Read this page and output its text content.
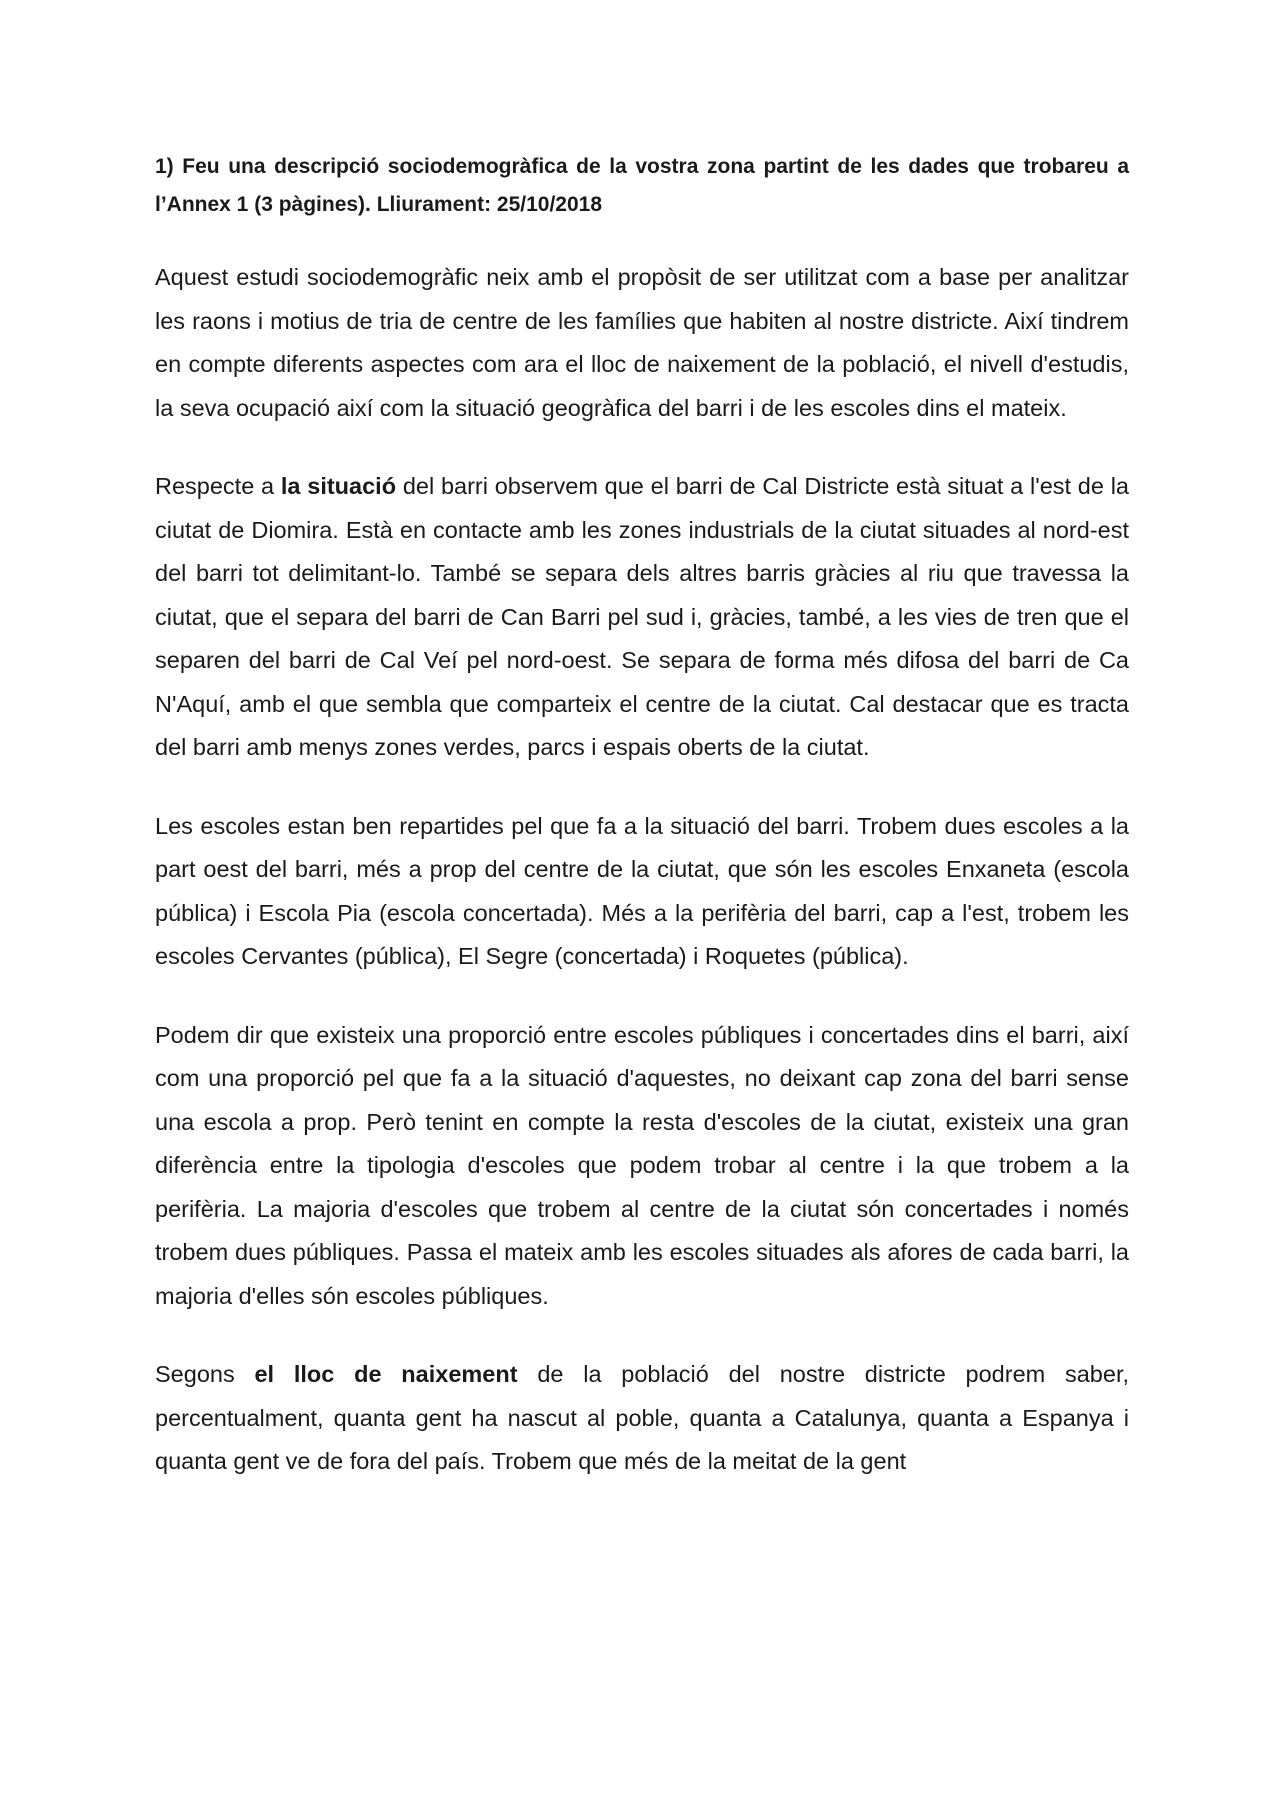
1) Feu una descripció sociodemogràfica de la vostra zona partint de les dades que trobareu a l’Annex 1 (3 pàgines). Lliurament: 25/10/2018

Aquest estudi sociodemogràfic neix amb el propòsit de ser utilitzat com a base per analitzar les raons i motius de tria de centre de les famílies que habiten al nostre districte. Així tindrem en compte diferents aspectes com ara el lloc de naixement de la població, el nivell d'estudis, la seva ocupació així com la situació geogràfica del barri i de les escoles dins el mateix.

Respecte a la situació del barri observem que el barri de Cal Districte està situat a l'est de la ciutat de Diomira. Està en contacte amb les zones industrials de la ciutat situades al nord-est del barri tot delimitant-lo. També se separa dels altres barris gràcies al riu que travessa la ciutat, que el separa del barri de Can Barri pel sud i, gràcies, també, a les vies de tren que el separen del barri de Cal Veí pel nord-oest. Se separa de forma més difosa del barri de Ca N'Aquí, amb el que sembla que comparteix el centre de la ciutat. Cal destacar que es tracta del barri amb menys zones verdes, parcs i espais oberts de la ciutat.

Les escoles estan ben repartides pel que fa a la situació del barri. Trobem dues escoles a la part oest del barri, més a prop del centre de la ciutat, que són les escoles Enxaneta (escola pública) i Escola Pia (escola concertada). Més a la perifèria del barri, cap a l'est, trobem les escoles Cervantes (pública), El Segre (concertada) i Roquetes (pública).

Podem dir que existeix una proporció entre escoles públiques i concertades dins el barri, així com una proporció pel que fa a la situació d'aquestes, no deixant cap zona del barri sense una escola a prop. Però tenint en compte la resta d'escoles de la ciutat, existeix una gran diferència entre la tipologia d'escoles que podem trobar al centre i la que trobem a la perifèria. La majoria d'escoles que trobem al centre de la ciutat són concertades i només trobem dues públiques. Passa el mateix amb les escoles situades als afores de cada barri, la majoria d'elles són escoles públiques.

Segons el lloc de naixement de la població del nostre districte podrem saber, percentualment, quanta gent ha nascut al poble, quanta a Catalunya, quanta a Espanya i quanta gent ve de fora del país. Trobem que més de la meitat de la gent
